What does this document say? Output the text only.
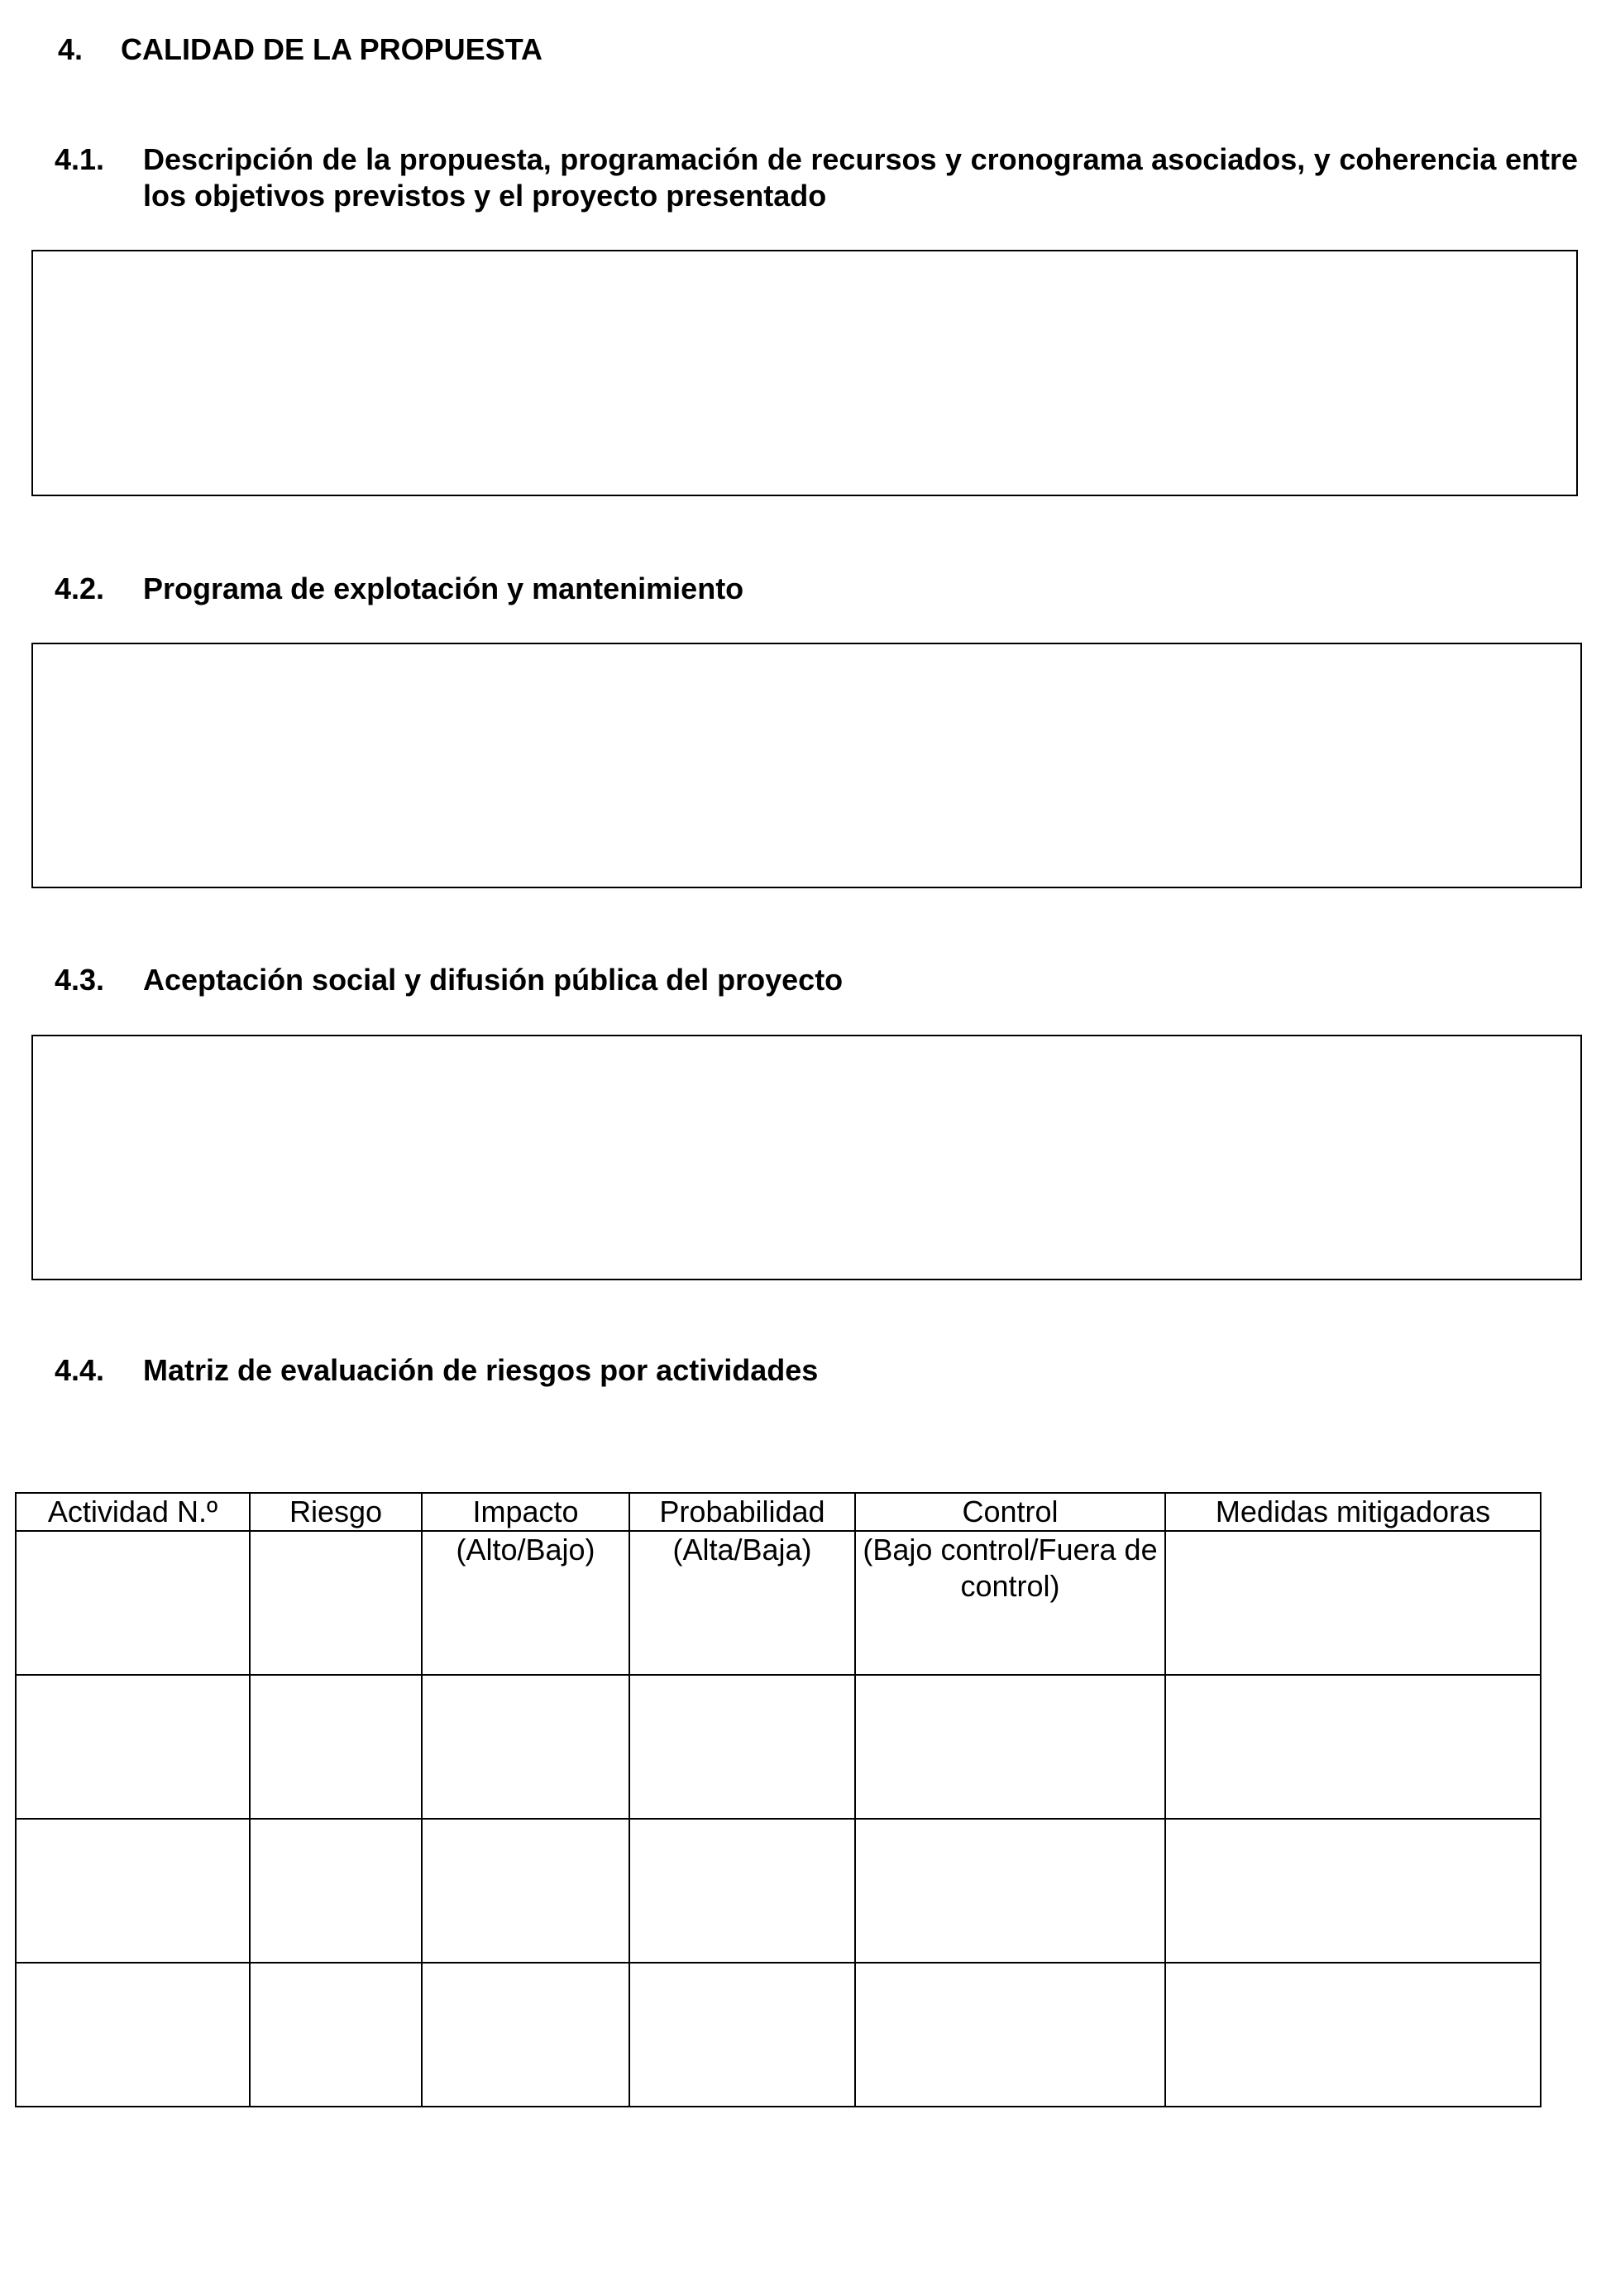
4. CALIDAD DE LA PROPUESTA
4.1. Descripción de la propuesta, programación de recursos y cronograma asociados, y coherencia entre los objetivos previstos y el proyecto presentado
4.2. Programa de explotación y mantenimiento
4.3. Aceptación social y difusión pública del proyecto
4.4. Matriz de evaluación de riesgos por actividades
Actividad N.º	Riesgo	Impacto	Probabilidad	Control	Medidas mitigadoras
		(Alto/Bajo)	(Alta/Baja)	(Bajo control/Fuera de control)	
